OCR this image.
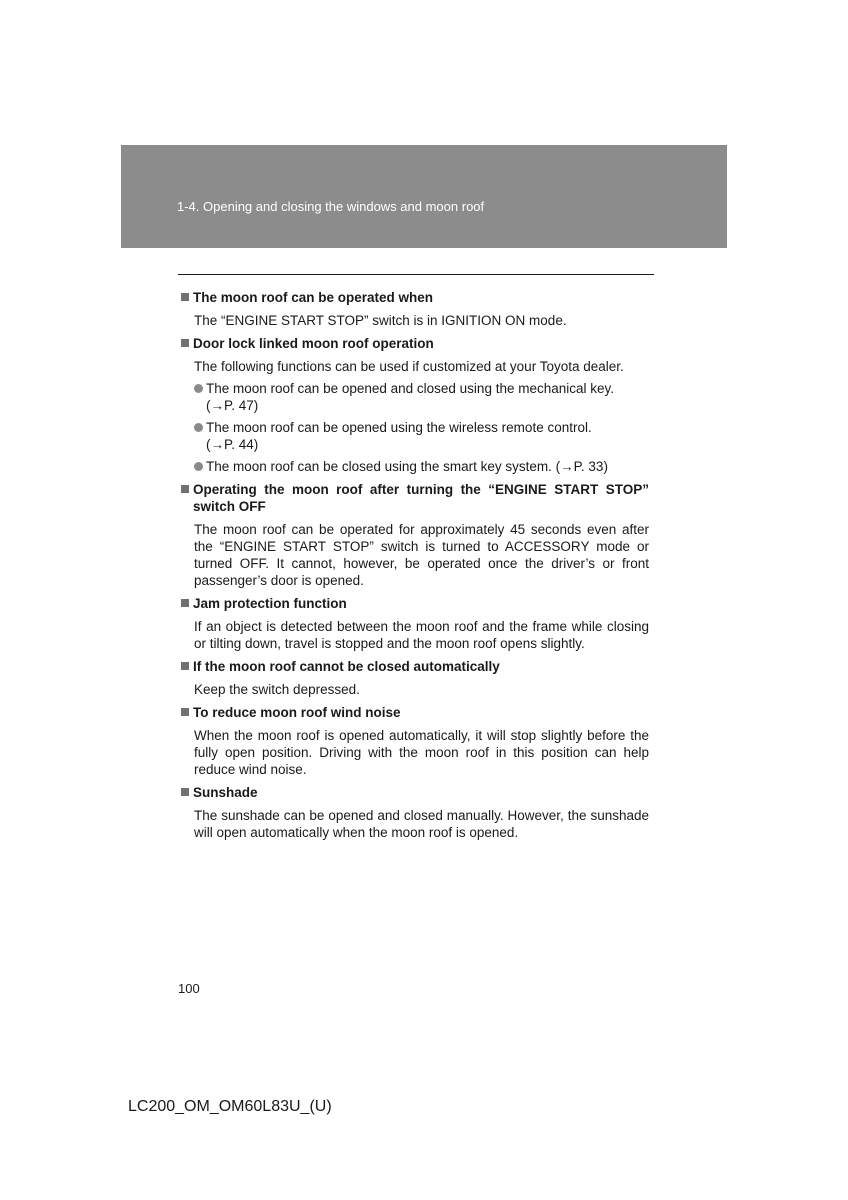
1-4. Opening and closing the windows and moon roof
The moon roof can be operated when
The “ENGINE START STOP” switch is in IGNITION ON mode.
Door lock linked moon roof operation
The following functions can be used if customized at your Toyota dealer.
The moon roof can be opened and closed using the mechanical key.
(→P. 47)
The moon roof can be opened using the wireless remote control.
(→P. 44)
The moon roof can be closed using the smart key system. (→P. 33)
Operating the moon roof after turning the “ENGINE START STOP” switch OFF
The moon roof can be operated for approximately 45 seconds even after the “ENGINE START STOP” switch is turned to ACCESSORY mode or turned OFF. It cannot, however, be operated once the driver’s or front passenger’s door is opened.
Jam protection function
If an object is detected between the moon roof and the frame while closing or tilting down, travel is stopped and the moon roof opens slightly.
If the moon roof cannot be closed automatically
Keep the switch depressed.
To reduce moon roof wind noise
When the moon roof is opened automatically, it will stop slightly before the fully open position. Driving with the moon roof in this position can help reduce wind noise.
Sunshade
The sunshade can be opened and closed manually. However, the sunshade will open automatically when the moon roof is opened.
100
LC200_OM_OM60L83U_(U)
